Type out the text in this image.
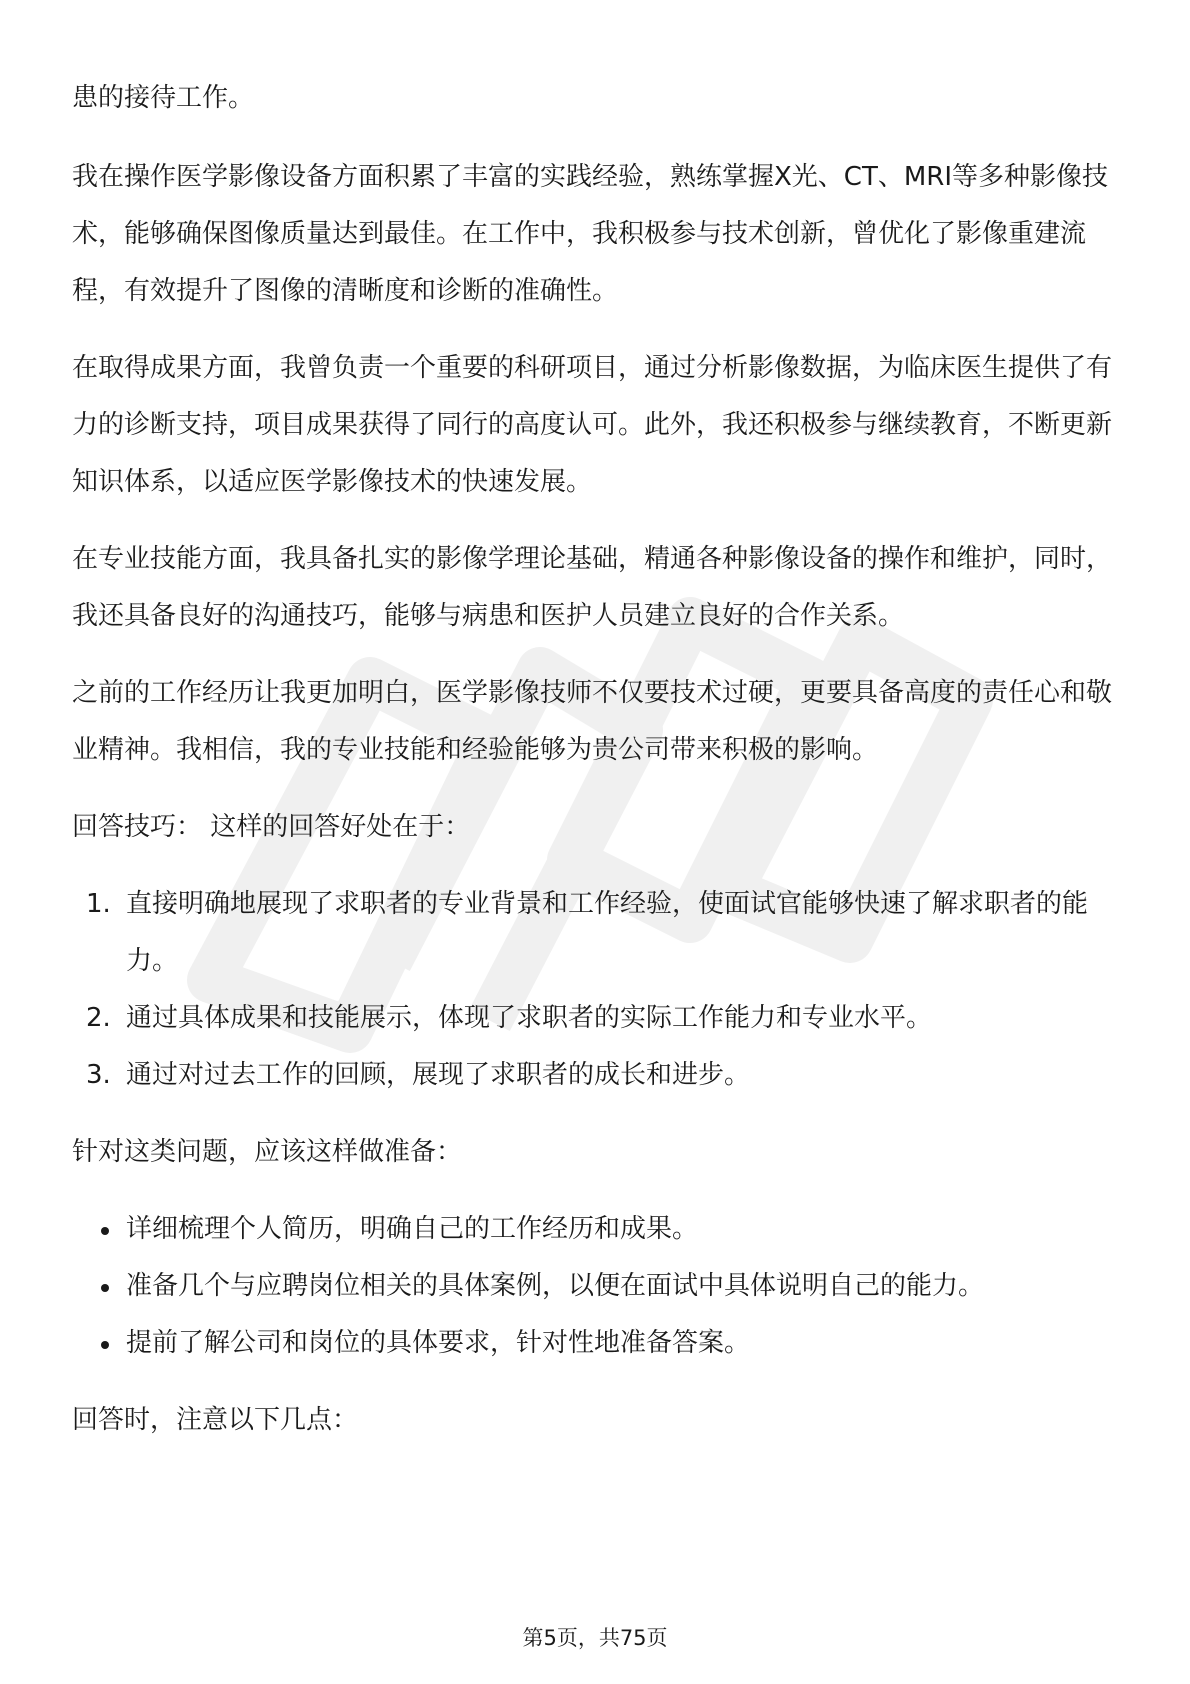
患的接待工作。

我在操作医学影像设备方面积累了丰富的实践经验，熟练掌握X光、CT、MRI等多种影像技术，能够确保图像质量达到最佳。在工作中，我积极参与技术创新，曾优化了影像重建流程，有效提升了图像的清晰度和诊断的准确性。

在取得成果方面，我曾负责一个重要的科研项目，通过分析影像数据，为临床医生提供了有力的诊断支持，项目成果获得了同行的高度认可。此外，我还积极参与继续教育，不断更新知识体系，以适应医学影像技术的快速发展。

在专业技能方面，我具备扎实的影像学理论基础，精通各种影像设备的操作和维护，同时，我还具备良好的沟通技巧，能够与病患和医护人员建立良好的合作关系。

之前的工作经历让我更加明白，医学影像技师不仅要技术过硬，更要具备高度的责任心和敬业精神。我相信，我的专业技能和经验能够为贵公司带来积极的影响。

回答技巧： 这样的回答好处在于：

1. 直接明确地展现了求职者的专业背景和工作经验，使面试官能够快速了解求职者的能力。
2. 通过具体成果和技能展示，体现了求职者的实际工作能力和专业水平。
3. 通过对过去工作的回顾，展现了求职者的成长和进步。

针对这类问题，应该这样做准备：

详细梳理个人简历，明确自己的工作经历和成果。
准备几个与应聘岗位相关的具体案例，以便在面试中具体说明自己的能力。
提前了解公司和岗位的具体要求，针对性地准备答案。

回答时，注意以下几点：

第5页，共75页
